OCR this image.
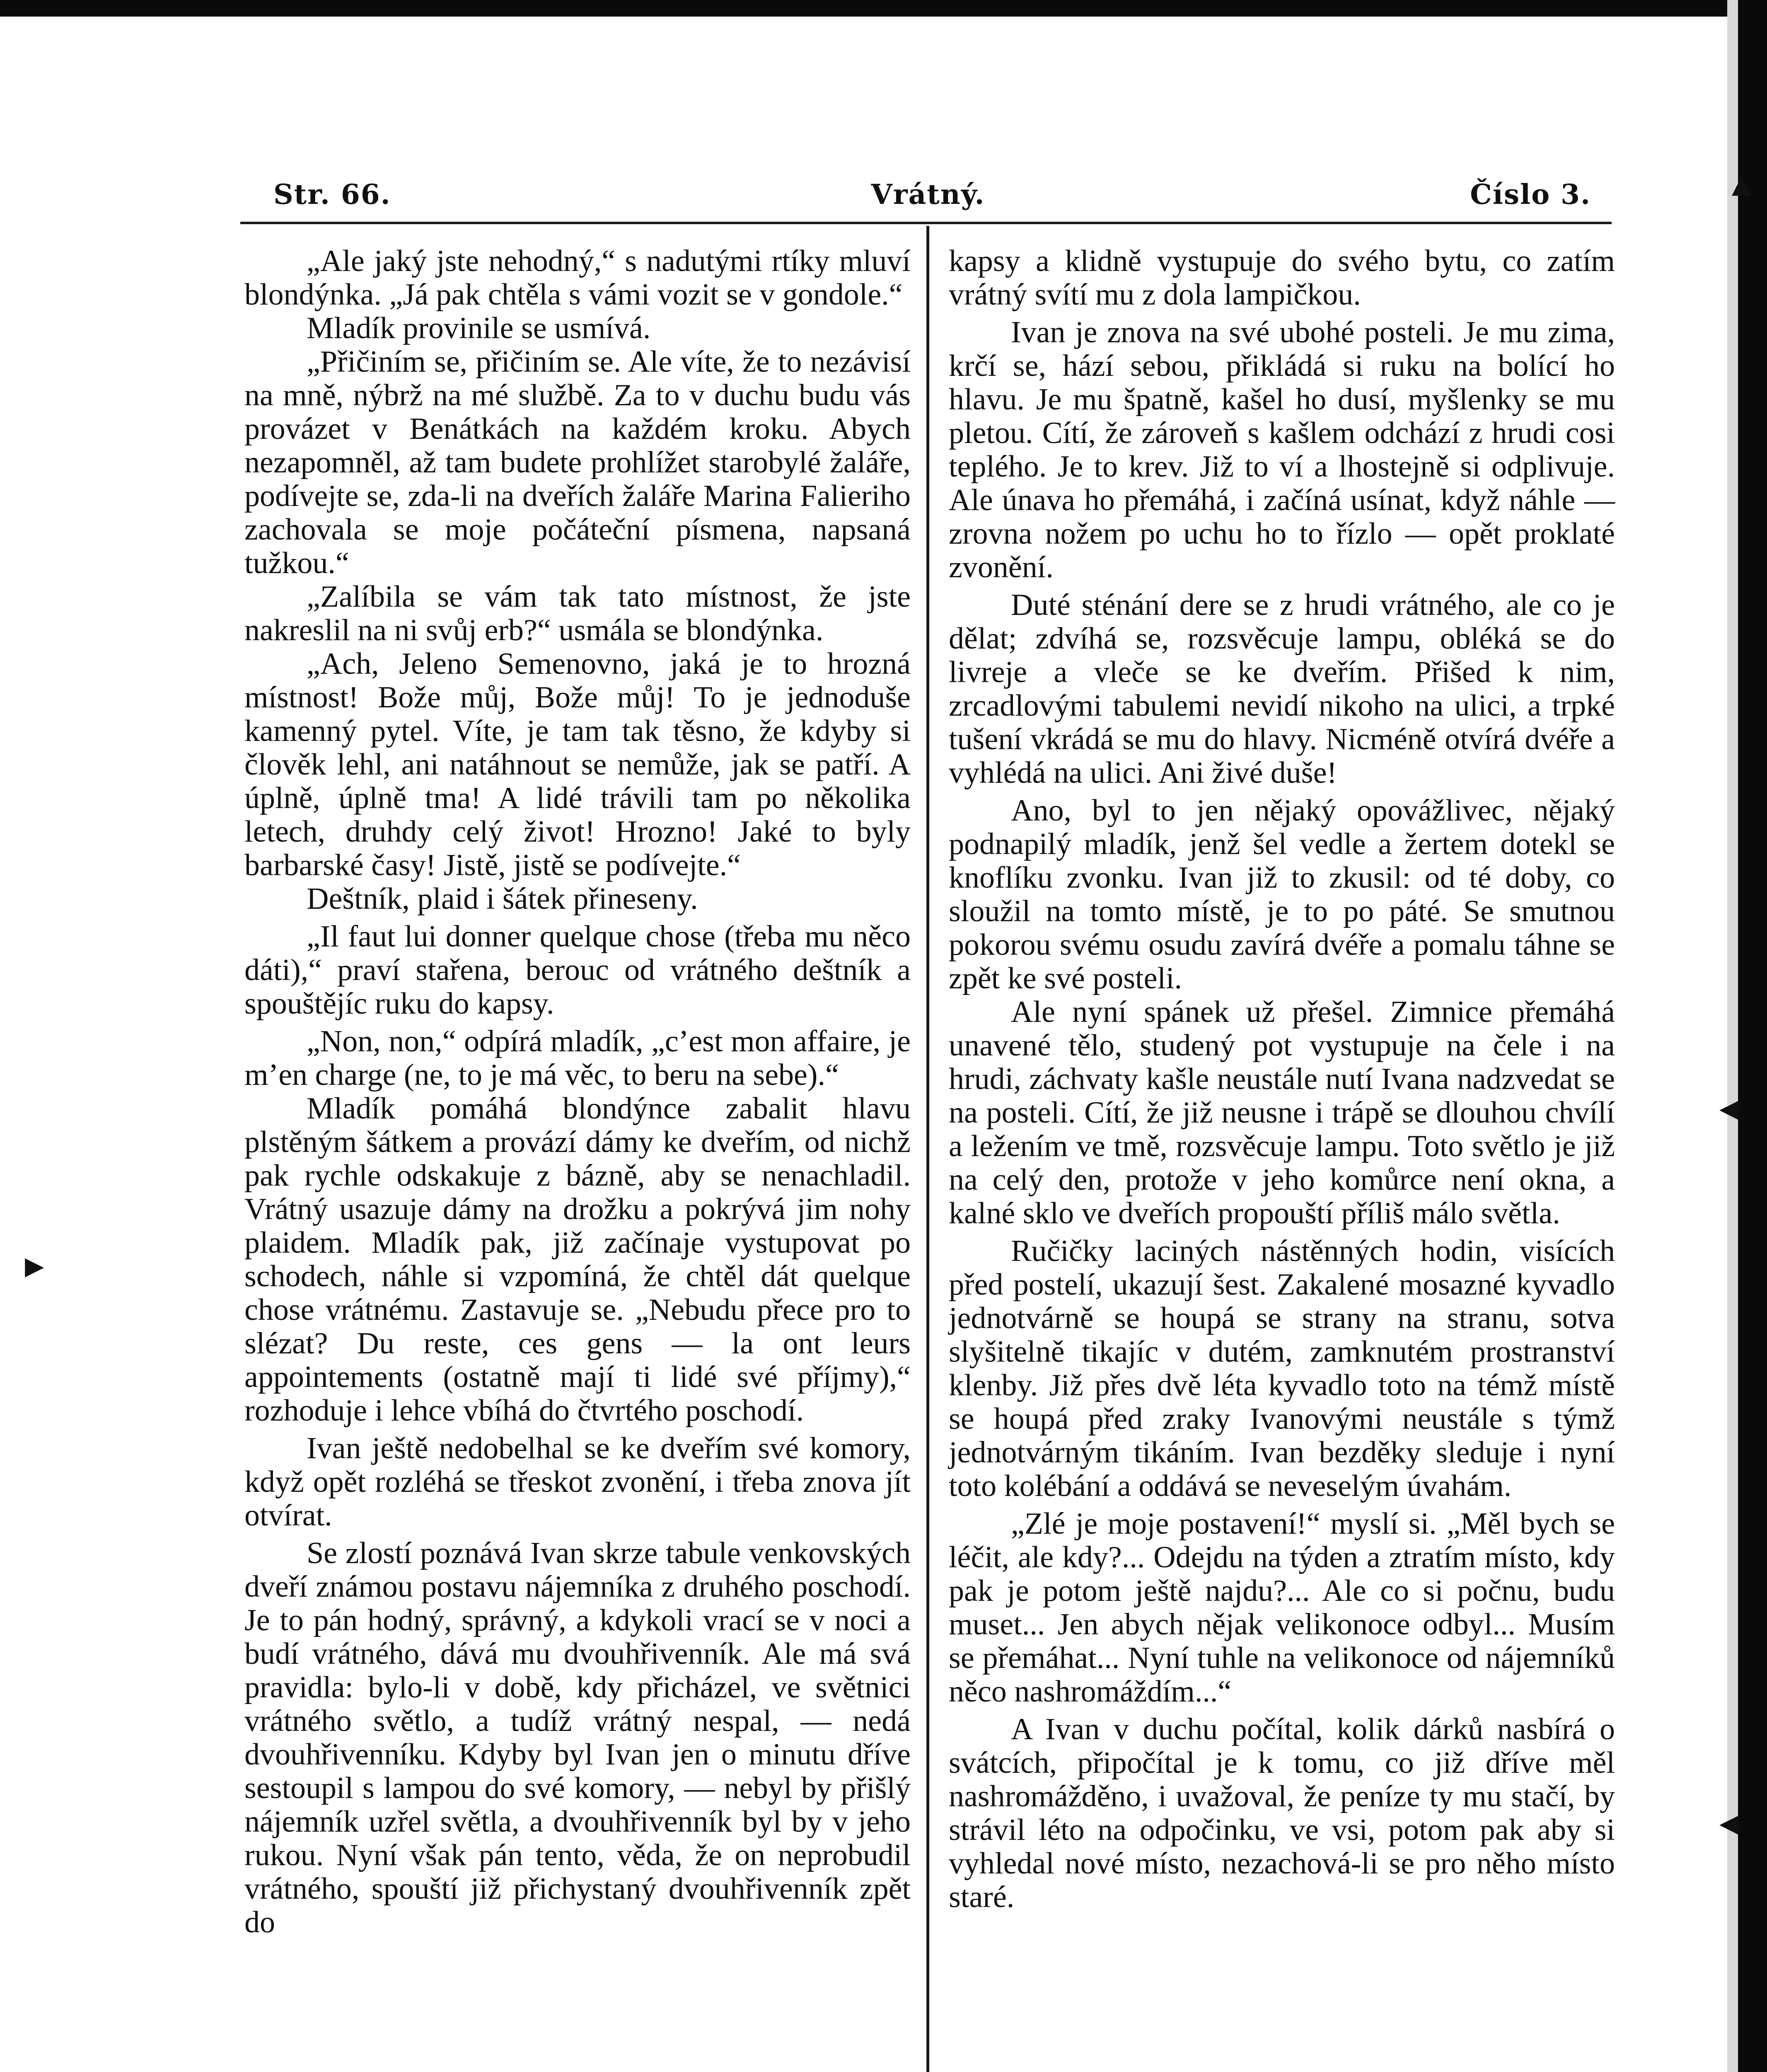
▲
◀
◀
▶
Str. 66.	Vrátný.	Číslo 3.

„Ale jaký jste nehodný,“ s nadutými rtíky mluví blondýnka. „Já pak chtěla s vámi vozit se v gondole.“

Mladík provinile se usmívá.

„Přičiním se, přičiním se. Ale víte, že to nezávisí na mně, nýbrž na mé službě. Za to v duchu budu vás provázet v Benátkách na každém kroku. Abych nezapomněl, až tam budete prohlížet starobylé žaláře, podívejte se, zda-li na dveřích žaláře Marina Falieriho zachovala se moje počáteční písmena, napsaná tužkou.“

„Zalíbila se vám tak tato místnost, že jste nakreslil na ni svůj erb?“ usmála se blondýnka.

„Ach, Jeleno Semenovno, jaká je to hrozná místnost! Bože můj, Bože můj! To je jednoduše kamenný pytel. Víte, je tam tak těsno, že kdyby si člověk lehl, ani natáhnout se nemůže, jak se patří. A úplně, úplně tma! A lidé trávili tam po několika letech, druhdy celý život! Hrozno! Jaké to byly barbarské časy! Jistě, jistě se podívejte.“

Deštník, plaid i šátek přineseny.

„Il faut lui donner quelque chose (třeba mu něco dáti),“ praví stařena, berouc od vrátného deštník a spouštějíc ruku do kapsy.

„Non, non,“ odpírá mladík, „c’est mon affaire, je m’en charge (ne, to je má věc, to beru na sebe).“

Mladík pomáhá blondýnce zabalit hlavu plstěným šátkem a provází dámy ke dveřím, od nichž pak rychle odskakuje z bázně, aby se nenachladil. Vrátný usazuje dámy na drožku a pokrývá jim nohy plaidem. Mladík pak, již začínaje vystupovat po schodech, náhle si vzpomíná, že chtěl dát quelque chose vrátnému. Zastavuje se. „Nebudu přece pro to slézat? Du reste, ces gens — la ont leurs appointements (ostatně mají ti lidé své příjmy),“ rozhoduje i lehce vbíhá do čtvrtého poschodí.

Ivan ještě nedobelhal se ke dveřím své komory, když opět rozléhá se třeskot zvonění, i třeba znova jít otvírat.

Se zlostí poznává Ivan skrze tabule venkovských dveří známou postavu nájemníka z druhého poschodí. Je to pán hodný, správný, a kdykoli vrací se v noci a budí vrátného, dává mu dvouhřivenník. Ale má svá pravidla: bylo-li v době, kdy přicházel, ve světnici vrátného světlo, a tudíž vrátný nespal, — nedá dvouhřivenníku. Kdyby byl Ivan jen o minutu dříve sestoupil s lampou do své komory, — nebyl by přišlý nájemník uzřel světla, a dvouhřivenník byl by v jeho rukou. Nyní však pán tento, věda, že on neprobudil vrátného, spouští již přichystaný dvouhřivenník zpět do

kapsy a klidně vystupuje do svého bytu, co zatím vrátný svítí mu z dola lampičkou.

Ivan je znova na své ubohé posteli. Je mu zima, krčí se, hází sebou, přikládá si ruku na bolící ho hlavu. Je mu špatně, kašel ho dusí, myšlenky se mu pletou. Cítí, že zároveň s kašlem odchází z hrudi cosi teplého. Je to krev. Již to ví a lhostejně si odplivuje. Ale únava ho přemáhá, i začíná usínat, když náhle — zrovna nožem po uchu ho to řízlo — opět proklaté zvonění.

Duté sténání dere se z hrudi vrátného, ale co je dělat; zdvíhá se, rozsvěcuje lampu, obléká se do livreje a vleče se ke dveřím. Přišed k nim, zrcadlovými tabulemi nevidí nikoho na ulici, a trpké tušení vkrádá se mu do hlavy. Nicméně otvírá dvéře a vyhlédá na ulici. Ani živé duše!

Ano, byl to jen nějaký opovážlivec, nějaký podnapilý mladík, jenž šel vedle a žertem dotekl se knoflíku zvonku. Ivan již to zkusil: od té doby, co sloužil na tomto místě, je to po páté. Se smutnou pokorou svému osudu zavírá dvéře a pomalu táhne se zpět ke své posteli.

Ale nyní spánek už přešel. Zimnice přemáhá unavené tělo, studený pot vystupuje na čele i na hrudi, záchvaty kašle neustále nutí Ivana nadzvedat se na posteli. Cítí, že již neusne i trápě se dlouhou chvílí a ležením ve tmě, rozsvěcuje lampu. Toto světlo je již na celý den, protože v jeho komůrce není okna, a kalné sklo ve dveřích propouští příliš málo světla.

Ručičky laciných nástěnných hodin, visících před postelí, ukazují šest. Zakalené mosazné kyvadlo jednotvárně se houpá se strany na stranu, sotva slyšitelně tikajíc v dutém, zamknutém prostranství klenby. Již přes dvě léta kyvadlo toto na témž místě se houpá před zraky Ivanovými neustále s týmž jednotvárným tikáním. Ivan bezděky sleduje i nyní toto kolébání a oddává se neveselým úvahám.

„Zlé je moje postavení!“ myslí si. „Měl bych se léčit, ale kdy?... Odejdu na týden a ztratím místo, kdy pak je potom ještě najdu?... Ale co si počnu, budu muset... Jen abych nějak velikonoce odbyl... Musím se přemáhat... Nyní tuhle na velikonoce od nájemníků něco nashromáždím...“

A Ivan v duchu počítal, kolik dárků nasbírá o svátcích, připočítal je k tomu, co již dříve měl nashromážděno, i uvažoval, že peníze ty mu stačí, by strávil léto na odpočinku, ve vsi, potom pak aby si vyhledal nové místo, nezachová-li se pro něho místo staré.
